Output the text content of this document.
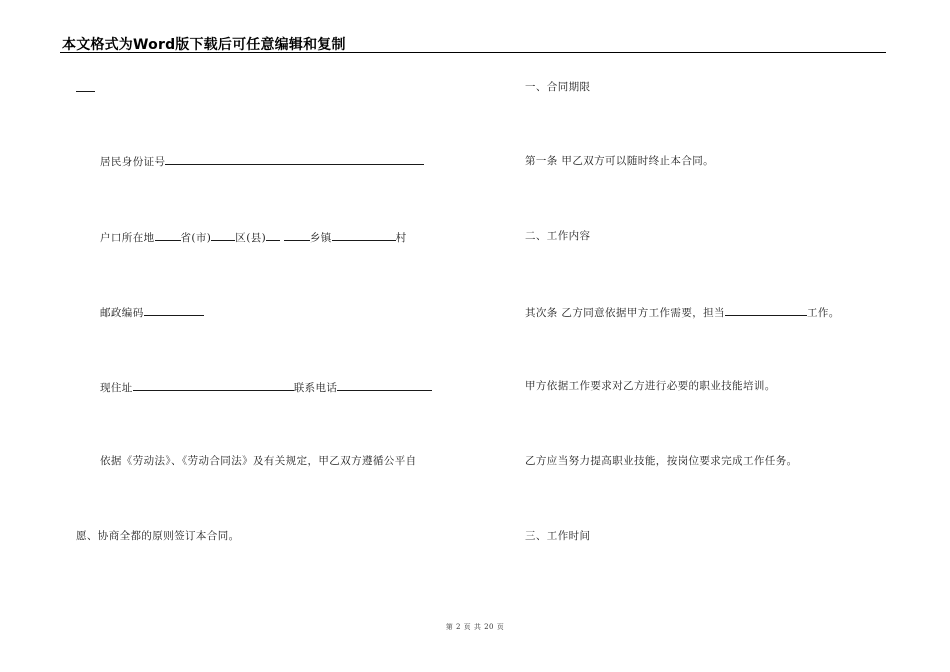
本文格式为Word版下载后可任意编辑和复制
居民身份证号
户口所在地 省(市) 区(县)	乡镇	村
邮政编码
现住址	联系电话
依据《劳动法》、《劳动合同法》及有关规定，甲乙双方遵循公平自
愿、协商全都的原则签订本合同。
一、合同期限
第一条 甲乙双方可以随时终止本合同。
二、工作内容
其次条 乙方同意依据甲方工作需要，担当	工作。
甲方依据工作要求对乙方进行必要的职业技能培训。
乙方应当努力提高职业技能，按岗位要求完成工作任务。
三、工作时间
第 2 页 共 20 页
